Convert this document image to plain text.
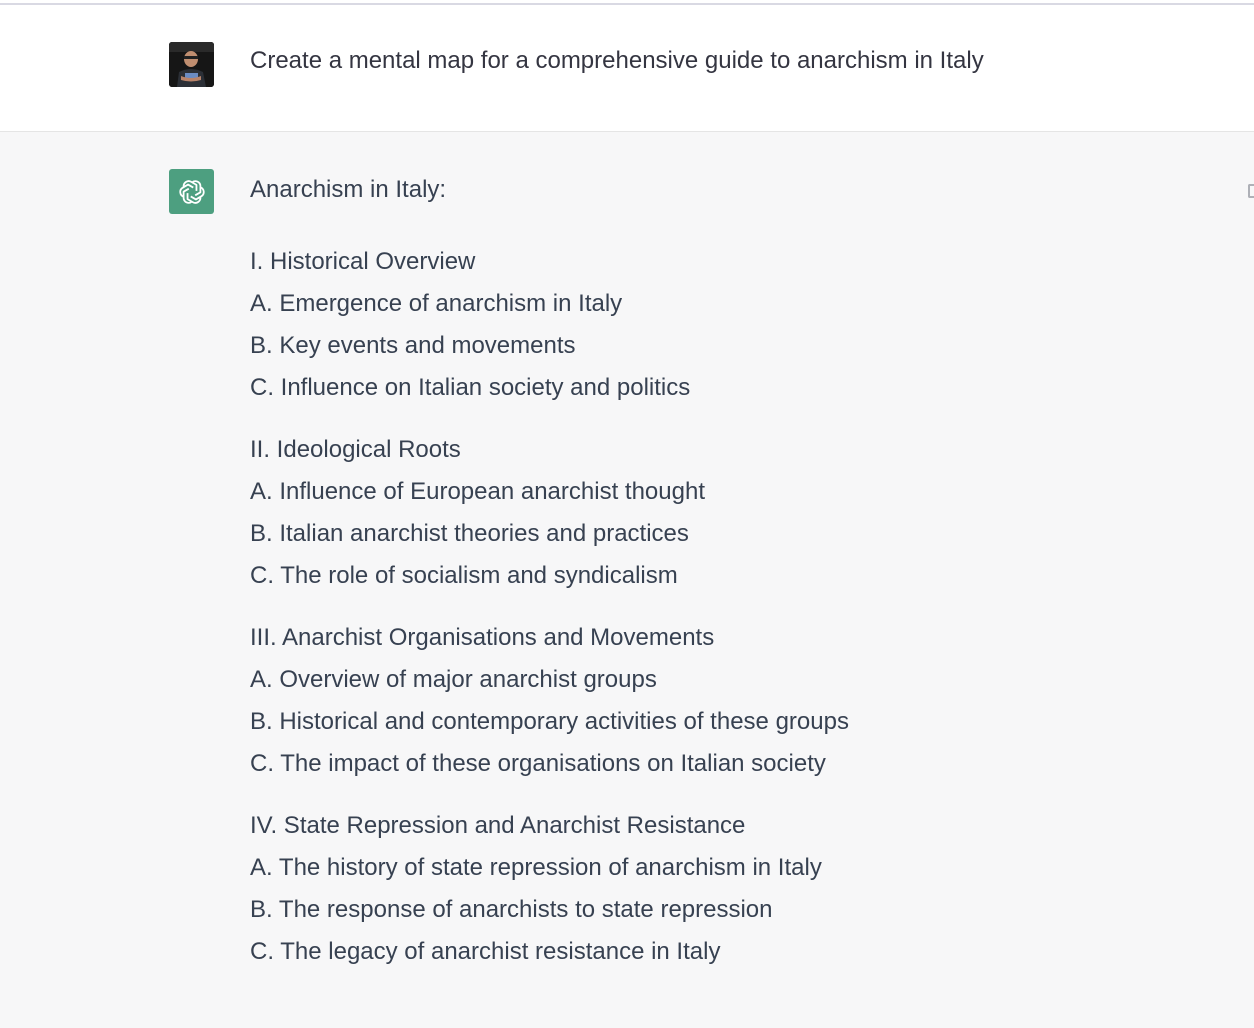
Create a mental map for a comprehensive guide to anarchism in Italy
Anarchism in Italy:
I. Historical Overview
A. Emergence of anarchism in Italy
B. Key events and movements
C. Influence on Italian society and politics
II. Ideological Roots
A. Influence of European anarchist thought
B. Italian anarchist theories and practices
C. The role of socialism and syndicalism
III. Anarchist Organisations and Movements
A. Overview of major anarchist groups
B. Historical and contemporary activities of these groups
C. The impact of these organisations on Italian society
IV. State Repression and Anarchist Resistance
A. The history of state repression of anarchism in Italy
B. The response of anarchists to state repression
C. The legacy of anarchist resistance in Italy
